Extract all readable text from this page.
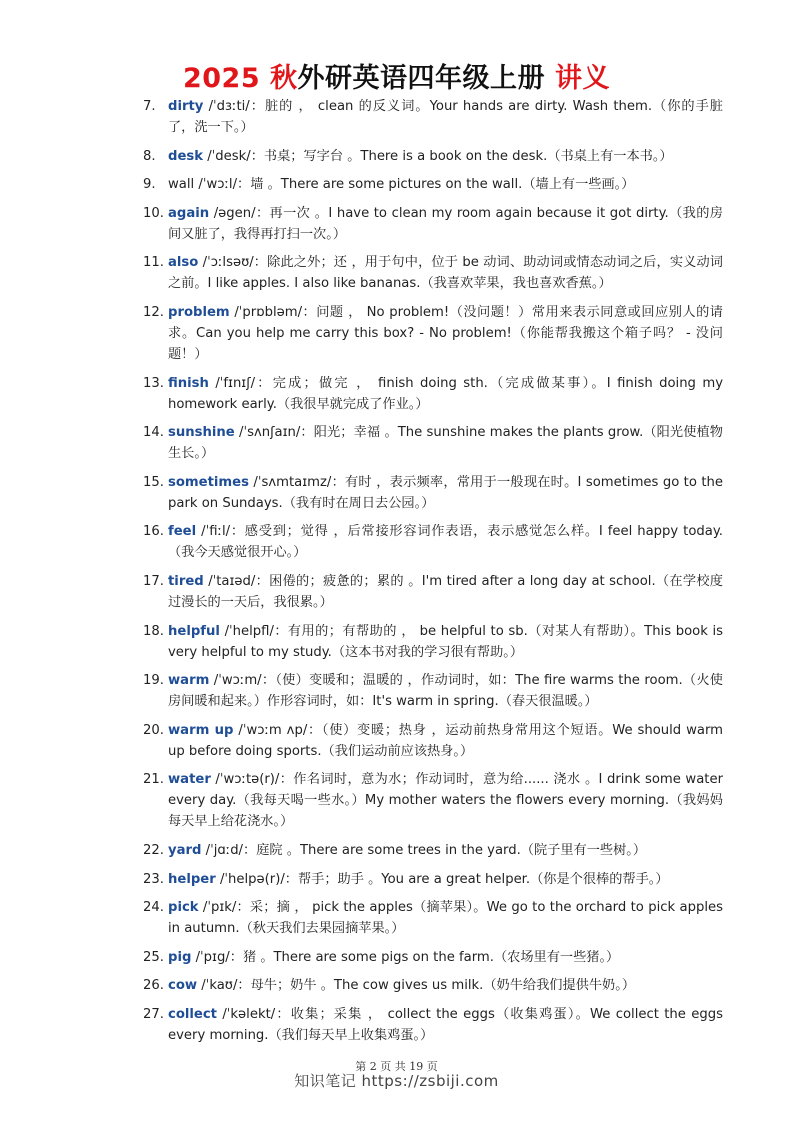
2025 秋外研英语四年级上册 讲义
7. dirty /ˈdɜːti/：脏的 ， clean 的反义词。Your hands are dirty. Wash them.（你的手脏了，洗一下。）
8. desk /ˈdesk/：书桌；写字台 。There is a book on the desk.（书桌上有一本书。）
9. wall /ˈwɔːl/：墙 。There are some pictures on the wall.（墙上有一些画。）
10. again /əgen/：再一次 。I have to clean my room again because it got dirty.（我的房间又脏了，我得再打扫一次。）
11. also /ˈɔːlsəʊ/：除此之外；还 ，用于句中，位于 be 动词、助动词或情态动词之后，实义动词之前。I like apples. I also like bananas.（我喜欢苹果，我也喜欢香蕉。）
12. problem /ˈprɒbləm/：问题 ， No problem!（没问题！）常用来表示同意或回应别人的请求。Can you help me carry this box? - No problem!（你能帮我搬这个箱子吗？ - 没问题！）
13. finish /ˈfɪnɪʃ/：完成；做完 ， finish doing sth.（完成做某事）。I finish doing my homework early.（我很早就完成了作业。）
14. sunshine /ˈsʌnʃaɪn/：阳光；幸福 。The sunshine makes the plants grow.（阳光使植物生长。）
15. sometimes /ˈsʌmtaɪmz/：有时 ，表示频率，常用于一般现在时。I sometimes go to the park on Sundays.（我有时在周日去公园。）
16. feel /ˈfiːl/：感受到；觉得 ，后常接形容词作表语，表示感觉怎么样。I feel happy today.（我今天感觉很开心。）
17. tired /ˈtaɪəd/：困倦的；疲惫的；累的 。I'm tired after a long day at school.（在学校度过漫长的一天后，我很累。）
18. helpful /ˈhelpfl/：有用的；有帮助的 ， be helpful to sb.（对某人有帮助）。This book is very helpful to my study.（这本书对我的学习很有帮助。）
19. warm /ˈwɔːm/：（使）变暖和；温暖的 ，作动词时，如：The fire warms the room.（火使房间暖和起来。）作形容词时，如：It's warm in spring.（春天很温暖。）
20. warm up /ˈwɔːm ʌp/：（使）变暖；热身 ，运动前热身常用这个短语。We should warm up before doing sports.（我们运动前应该热身。）
21. water /ˈwɔːtə(r)/：作名词时，意为水；作动词时，意为给...... 浇水 。I drink some water every day.（我每天喝一些水。）My mother waters the flowers every morning.（我妈妈每天早上给花浇水。）
22. yard /ˈjɑːd/：庭院 。There are some trees in the yard.（院子里有一些树。）
23. helper /ˈhelpə(r)/：帮手；助手 。You are a great helper.（你是个很棒的帮手。）
24. pick /ˈpɪk/：采；摘 ， pick the apples（摘苹果）。We go to the orchard to pick apples in autumn.（秋天我们去果园摘苹果。）
25. pig /ˈpɪg/：猪 。There are some pigs on the farm.（农场里有一些猪。）
26. cow /ˈkaʊ/：母牛；奶牛 。The cow gives us milk.（奶牛给我们提供牛奶。）
27. collect /ˈkəlekt/：收集；采集 ， collect the eggs（收集鸡蛋）。We collect the eggs every morning.（我们每天早上收集鸡蛋。）
第 2 页 共 19 页
知识笔记 https://zsbiji.com
